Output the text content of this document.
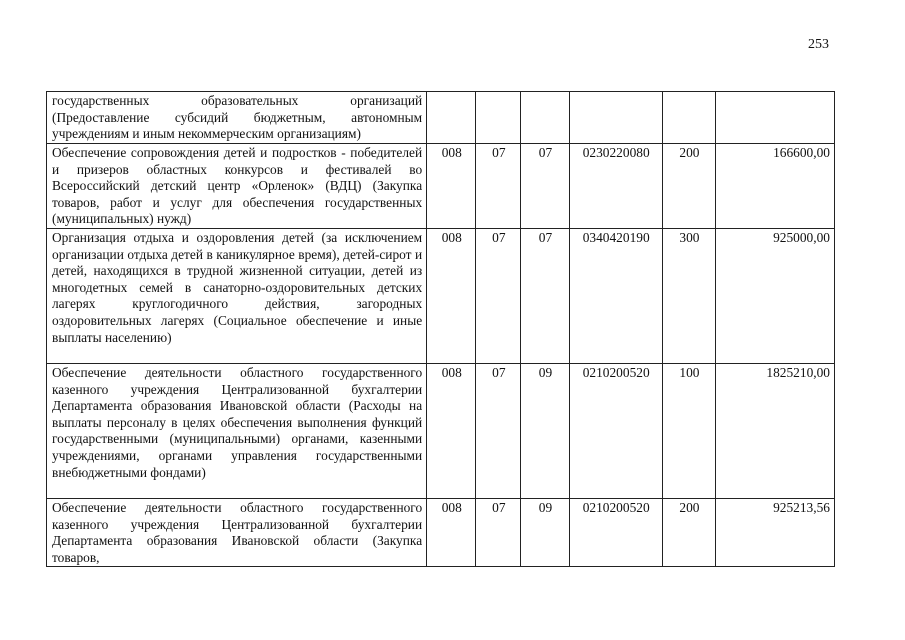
253
государственных образовательных организаций (Предоставление субсидий бюджетным, автономным учреждениям и иным некоммерческим организациям)						
Обеспечение сопровождения детей и подростков - победителей и призеров областных конкурсов и фестивалей во Всероссийский детский центр «Орленок» (ВДЦ) (Закупка товаров, работ и услуг для обеспечения государственных (муниципальных) нужд)	008	07	07	0230220080	200	166600,00
Организация отдыха и оздоровления детей (за исключением организации отдыха детей в каникулярное время), детей-сирот и детей, находящихся в трудной жизненной ситуации, детей из многодетных семей в санаторно-оздоровительных детских лагерях круглогодичного действия, загородных оздоровительных лагерях (Социальное обеспечение и иные выплаты населению)	008	07	07	0340420190	300	925000,00
Обеспечение деятельности областного государственного казенного учреждения Централизованной бухгалтерии Департамента образования Ивановской области (Расходы на выплаты персоналу в целях обеспечения выполнения функций государственными (муниципальными) органами, казенными учреждениями, органами управления государственными внебюджетными фондами)	008	07	09	0210200520	100	1825210,00
Обеспечение деятельности областного государственного казенного учреждения Централизованной бухгалтерии Департамента образования Ивановской области (Закупка товаров,	008	07	09	0210200520	200	925213,56
